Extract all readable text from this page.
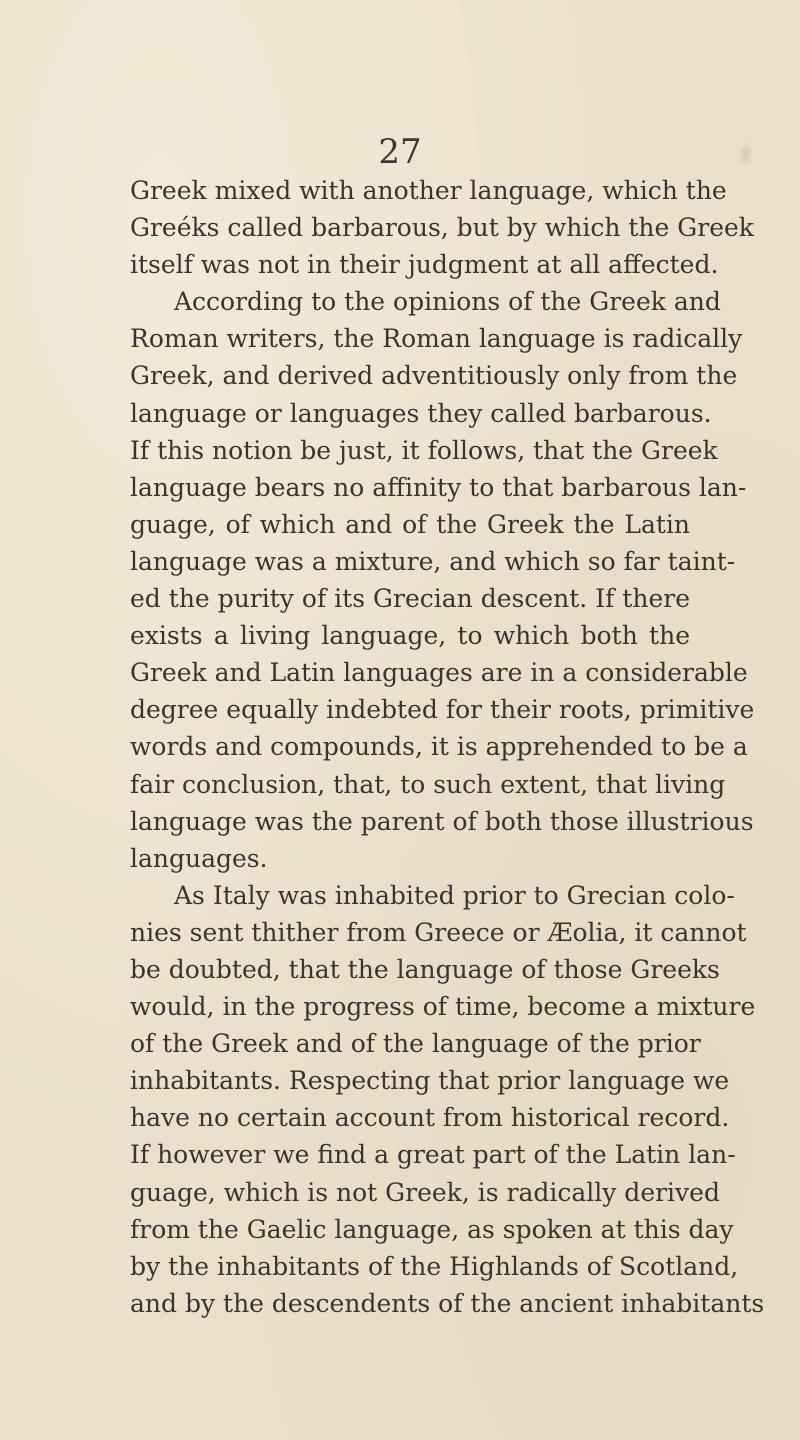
27

Greek mixed with another language, which the
Greéks called barbarous, but by which the Greek
itself was not in their judgment at all affected.
According to the opinions of the Greek and
Roman writers, the Roman language is radically
Greek, and derived adventitiously only from the
language or languages they called barbarous.
If this notion be just, it follows, that the Greek
language bears no affinity to that barbarous lan-
guage, of which and of the Greek the Latin
language was a mixture, and which so far taint-
ed the purity of its Grecian descent. If there
exists a living language, to which both the
Greek and Latin languages are in a considerable
degree equally indebted for their roots, primitive
words and compounds, it is apprehended to be a
fair conclusion, that, to such extent, that living
language was the parent of both those illustrious
languages.
As Italy was inhabited prior to Grecian colo-
nies sent thither from Greece or Æolia, it cannot
be doubted, that the language of those Greeks
would, in the progress of time, become a mixture
of the Greek and of the language of the prior
inhabitants. Respecting that prior language we
have no certain account from historical record.
If however we find a great part of the Latin lan-
guage, which is not Greek, is radically derived
from the Gaelic language, as spoken at this day
by the inhabitants of the Highlands of Scotland,
and by the descendents of the ancient inhabitants
